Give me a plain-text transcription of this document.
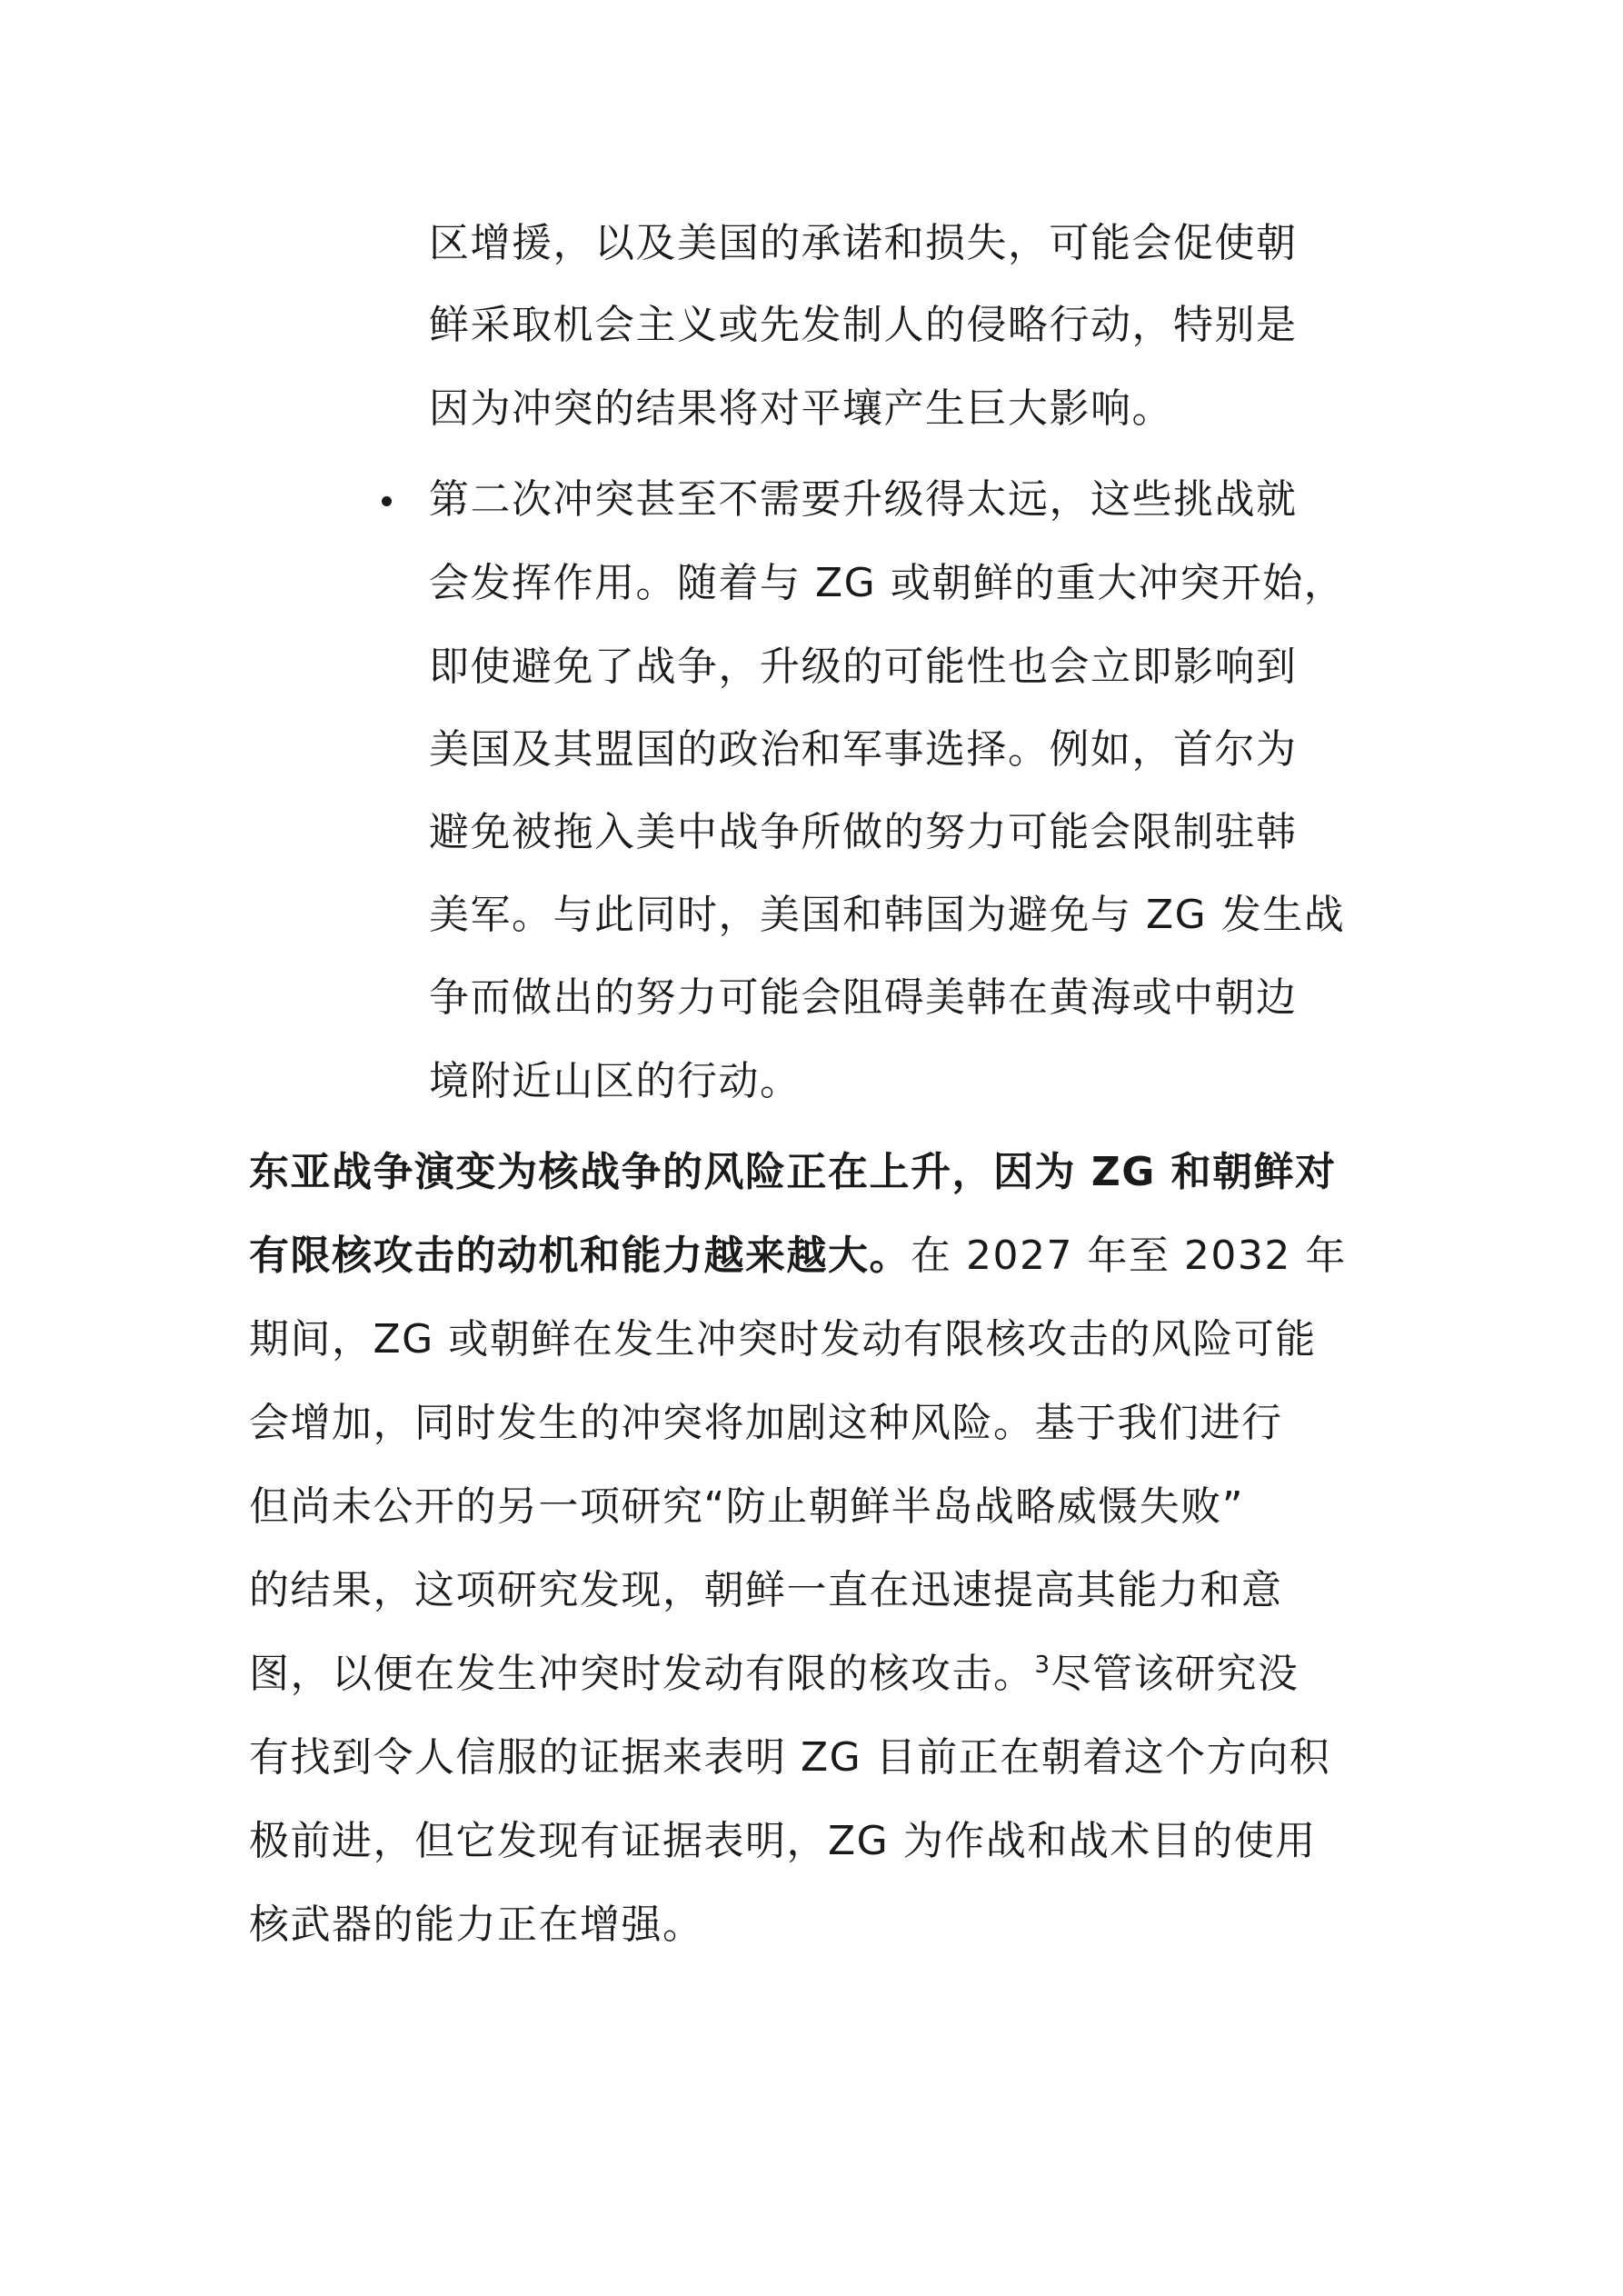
区增援，以及美国的承诺和损失，可能会促使朝
鲜采取机会主义或先发制人的侵略行动，特别是
因为冲突的结果将对平壤产生巨大影响。
第二次冲突甚至不需要升级得太远，这些挑战就
会发挥作用。随着与 ZG 或朝鲜的重大冲突开始，
即使避免了战争，升级的可能性也会立即影响到
美国及其盟国的政治和军事选择。例如，首尔为
避免被拖入美中战争所做的努力可能会限制驻韩
美军。与此同时，美国和韩国为避免与 ZG 发生战
争而做出的努力可能会阻碍美韩在黄海或中朝边
境附近山区的行动。
东亚战争演变为核战争的风险正在上升，因为 ZG 和朝鲜对
有限核攻击的动机和能力越来越大。在 2027 年至 2032 年
期间，ZG 或朝鲜在发生冲突时发动有限核攻击的风险可能
会增加，同时发生的冲突将加剧这种风险。基于我们进行
但尚未公开的另一项研究“防止朝鲜半岛战略威慑失败”
的结果，这项研究发现，朝鲜一直在迅速提高其能力和意
图，以便在发生冲突时发动有限的核攻击。$^3$尽管该研究没
有找到令人信服的证据来表明 ZG 目前正在朝着这个方向积
极前进，但它发现有证据表明，ZG 为作战和战术目的使用
核武器的能力正在增强。
